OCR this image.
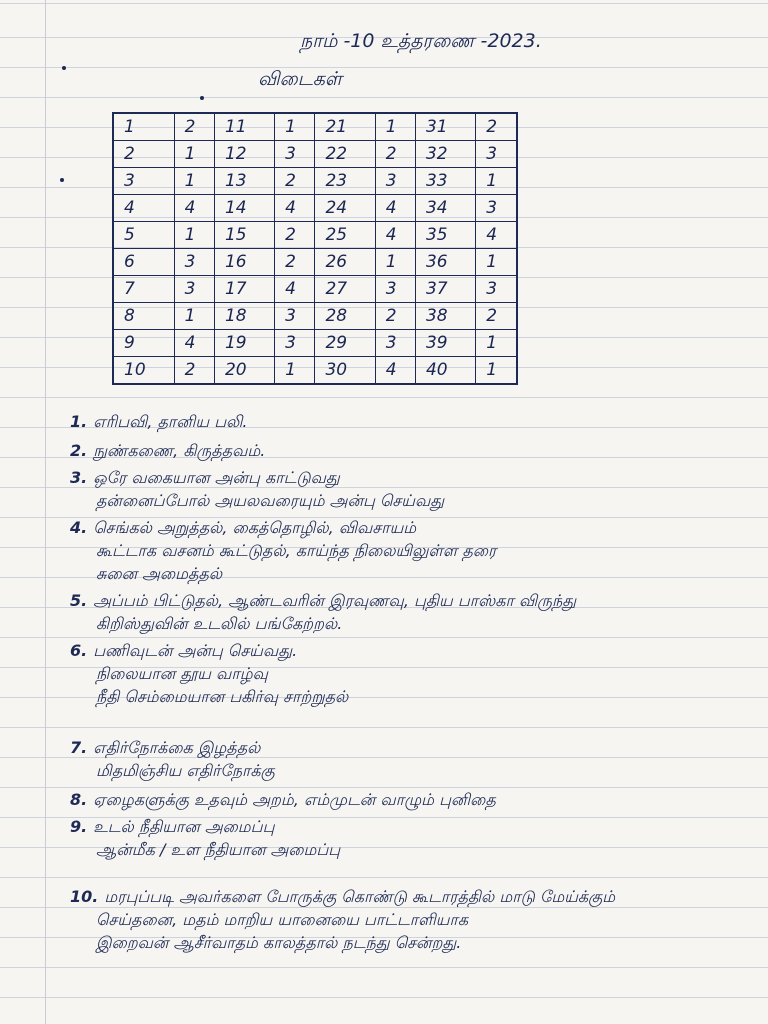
நாம் -10 உத்தரணை -2023.
விடைகள்
1	2	11	1	21	1	31	2
2	1	12	3	22	2	32	3
3	1	13	2	23	3	33	1
4	4	14	4	24	4	34	3
5	1	15	2	25	4	35	4
6	3	16	2	26	1	36	1
7	3	17	4	27	3	37	3
8	1	18	3	28	2	38	2
9	4	19	3	29	3	39	1
10	2	20	1	30	4	40	1
1. எரிபவி, தானிய பலி.
2. நுண்கணை, கிருத்தவம்.
3. ஒரே வகையான அன்பு காட்டுவது
தன்னைப்போல் அயலவரையும் அன்பு செய்வது
4. செங்கல் அறுத்தல், கைத்தொழில், விவசாயம்
கூட்டாக வசனம் கூட்டுதல், காய்ந்த நிலையிலுள்ள தரை
சுனை அமைத்தல்
5. அப்பம் பிட்டுதல், ஆண்டவரின் இரவுணவு, புதிய பாஸ்கா விருந்து
கிறிஸ்துவின் உடலில் பங்கேற்றல்.
6. பணிவுடன் அன்பு செய்வது.
நிலையான தூய வாழ்வு
நீதி செம்மையான பகிர்வு சாற்றுதல்
7. எதிர்நோக்கை இழத்தல்
மிதமிஞ்சிய எதிர்நோக்கு
8. ஏழைகளுக்கு உதவும் அறம், எம்முடன் வாழும் புனிதை
9. உடல் நீதியான அமைப்பு
ஆன்மீக / உள நீதியான அமைப்பு
10. மரபுப்படி அவர்களை போருக்கு கொண்டு கூடாரத்தில் மாடு மேய்க்கும்
செய்தனை, மதம் மாறிய யானையை பாட்டாளியாக
இறைவன் ஆசீர்வாதம் காலத்தால் நடந்து சென்றது.
